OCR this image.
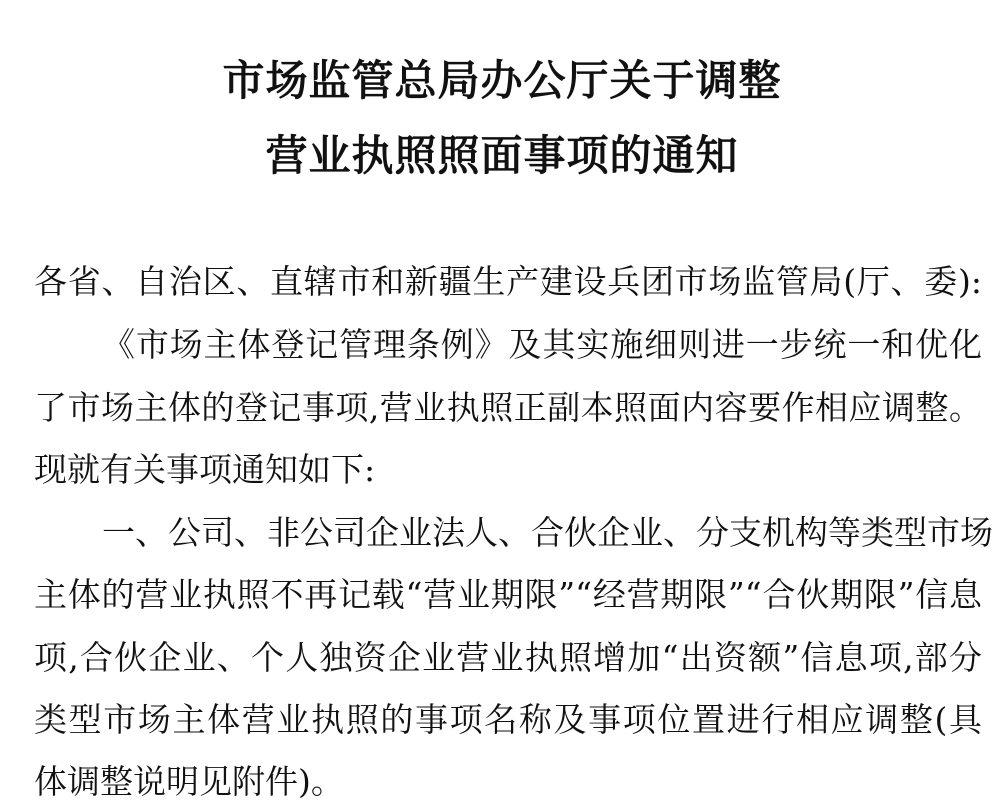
市场监管总局办公厅关于调整
营业执照照面事项的通知
各省、自治区、直辖市和新疆生产建设兵团市场监管局(厅、委):
《市场主体登记管理条例》及其实施细则进一步统一和优化
了市场主体的登记事项,营业执照正副本照面内容要作相应调整。
现就有关事项通知如下:
一、公司、非公司企业法人、合伙企业、分支机构等类型市场
主体的营业执照不再记载“营业期限”“经营期限”“合伙期限”信息
项,合伙企业、个人独资企业营业执照增加“出资额”信息项,部分
类型市场主体营业执照的事项名称及事项位置进行相应调整(具
体调整说明见附件)。
